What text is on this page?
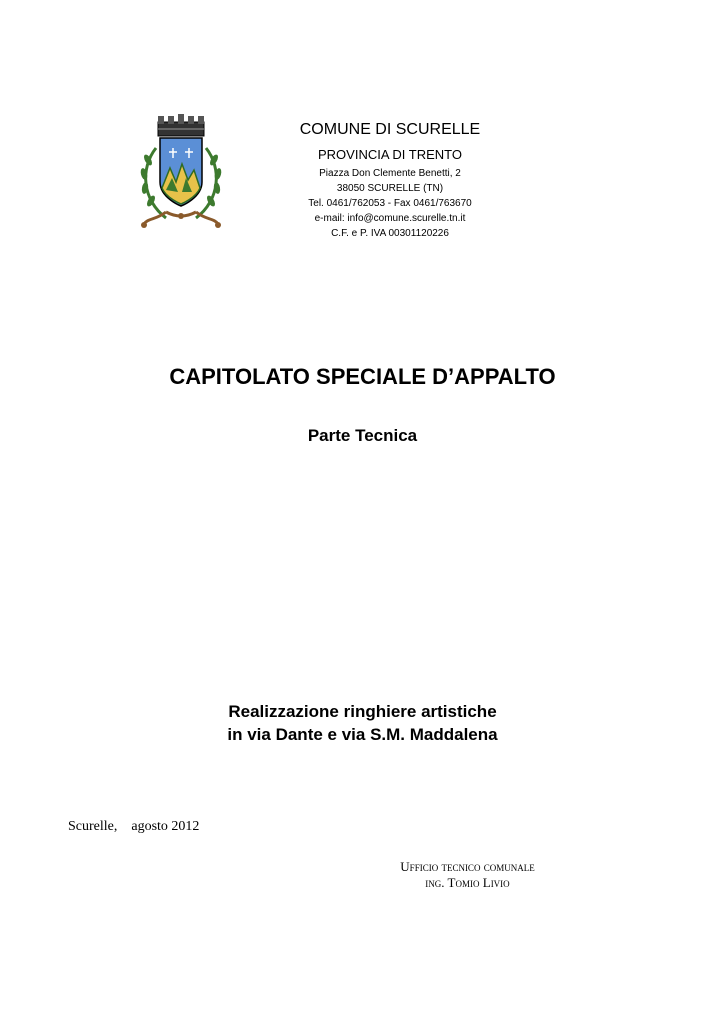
COMUNE DI SCURELLE
PROVINCIA DI TRENTO
Piazza Don Clemente Benetti, 2
38050 SCURELLE (TN)
Tel. 0461/762053 - Fax 0461/763670
e-mail: info@comune.scurelle.tn.it
C.F. e P. IVA 00301120226
CAPITOLATO SPECIALE D’APPALTO
Parte Tecnica
Realizzazione ringhiere artistiche
in via Dante e via S.M. Maddalena
Scurelle, agosto 2012
Ufficio tecnico comunale
ing. Tomio Livio
